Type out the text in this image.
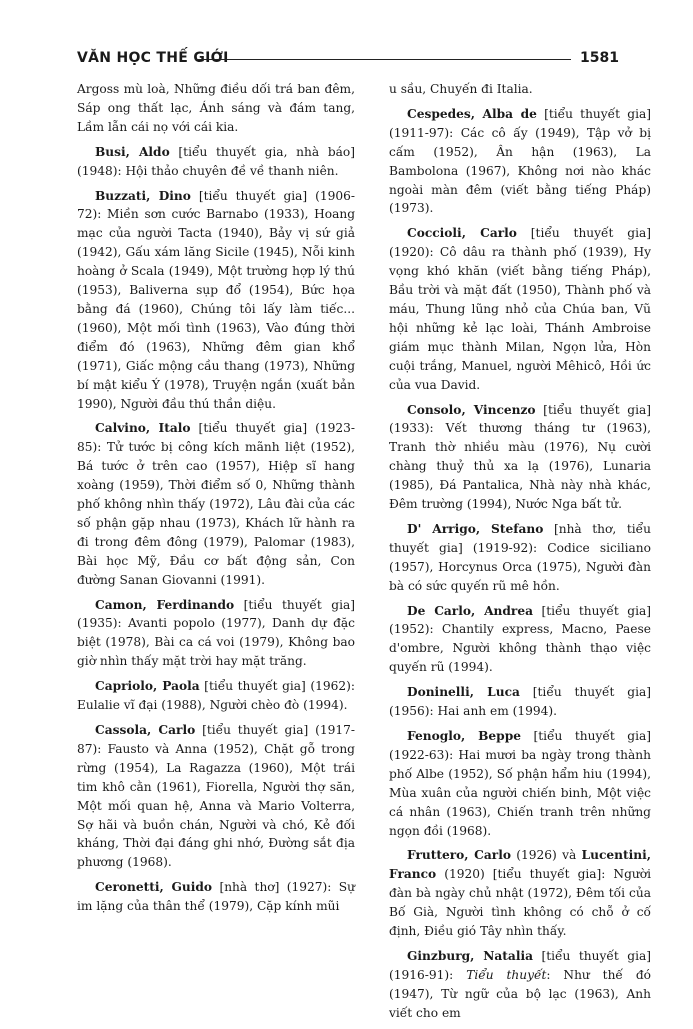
VĂN HỌC THẾ GIỚI	1581

Argoss mù loà, Những điều dối trá ban đêm, Sáp ong thất lạc, Ánh sáng và đám tang, Lầm lẫn cái nọ với cái kia.

Busi, Aldo [tiểu thuyết gia, nhà báo] (1948): Hội thảo chuyên đề về thanh niên.

Buzzati, Dino [tiểu thuyết gia] (1906-72): Miền sơn cước Barnabo (1933), Hoang mạc của người Tacta (1940), Bảy vị sứ giả (1942), Gấu xám lăng Sicile (1945), Nỗi kinh hoàng ở Scala (1949), Một trường hợp lý thú (1953), Baliverna sụp đổ (1954), Bức họa bằng đá (1960), Chúng tôi lấy làm tiếc... (1960), Một mối tình (1963), Vào đúng thời điểm đó (1963), Những đêm gian khổ (1971), Giấc mộng cầu thang (1973), Những bí mật kiểu Ý (1978), Truyện ngắn (xuất bản 1990), Người đầu thú thần diệu.

Calvino, Italo [tiểu thuyết gia] (1923-85): Tử tước bị công kích mãnh liệt (1952), Bá tước ở trên cao (1957), Hiệp sĩ hang xoàng (1959), Thời điểm số 0, Những thành phố không nhìn thấy (1972), Lâu đài của các số phận gặp nhau (1973), Khách lữ hành ra đi trong đêm đông (1979), Palomar (1983), Bài học Mỹ, Đầu cơ bất động sản, Con đường Sanan Giovanni (1991).

Camon, Ferdinando [tiểu thuyết gia] (1935): Avanti popolo (1977), Danh dự đặc biệt (1978), Bài ca cá voi (1979), Không bao giờ nhìn thấy mặt trời hay mặt trăng.

Capriolo, Paola [tiểu thuyết gia] (1962): Eulalie vĩ đại (1988), Người chèo đò (1994).

Cassola, Carlo [tiểu thuyết gia] (1917-87): Fausto và Anna (1952), Chặt gỗ trong rừng (1954), La Ragazza (1960), Một trái tim khô cằn (1961), Fiorella, Người thợ săn, Một mối quan hệ, Anna và Mario Volterra, Sợ hãi và buồn chán, Người và chó, Kẻ đối kháng, Thời đại đáng ghi nhớ, Đường sắt địa phương (1968).

Ceronetti, Guido [nhà thơ] (1927): Sự im lặng của thân thể (1979), Cặp kính mũi

u sầu, Chuyến đi Italia.

Cespedes, Alba de [tiểu thuyết gia] (1911-97): Các cô ấy (1949), Tập vở bị cấm (1952), Ân hận (1963), La Bambolona (1967), Không nơi nào khác ngoài màn đêm (viết bằng tiếng Pháp) (1973).

Coccioli, Carlo [tiểu thuyết gia] (1920): Cô dâu ra thành phố (1939), Hy vọng khó khăn (viết bằng tiếng Pháp), Bầu trời và mặt đất (1950), Thành phố và máu, Thung lũng nhỏ của Chúa ban, Vũ hội những kẻ lạc loài, Thánh Ambroise giám mục thành Milan, Ngọn lửa, Hòn cuội trắng, Manuel, người Mêhicô, Hồi ức của vua David.

Consolo, Vincenzo [tiểu thuyết gia] (1933): Vết thương tháng tư (1963), Tranh thờ nhiều màu (1976), Nụ cười chàng thuỷ thủ xa lạ (1976), Lunaria (1985), Đá Pantalica, Nhà này nhà khác, Đêm trường (1994), Nước Nga bất tử.

D' Arrigo, Stefano [nhà thơ, tiểu thuyết gia] (1919-92): Codice siciliano (1957), Horcynus Orca (1975), Người đàn bà có sức quyến rũ mê hồn.

De Carlo, Andrea [tiểu thuyết gia] (1952): Chantily express, Macno, Paese d'ombre, Người không thành thạo việc quyến rũ (1994).

Doninelli, Luca [tiểu thuyết gia] (1956): Hai anh em (1994).

Fenoglo, Beppe [tiểu thuyết gia] (1922-63): Hai mươi ba ngày trong thành phố Albe (1952), Số phận hẩm hiu (1994), Mùa xuân của người chiến binh, Một việc cá nhân (1963), Chiến tranh trên những ngọn đồi (1968).

Fruttero, Carlo (1926) và Lucentini, Franco (1920) [tiểu thuyết gia]: Người đàn bà ngày chủ nhật (1972), Đêm tối của Bố Già, Người tình không có chỗ ở cố định, Điều gió Tây nhìn thấy.

Ginzburg, Natalia [tiểu thuyết gia] (1916-91): Tiểu thuyết: Như thế đó (1947), Từ ngữ của bộ lạc (1963), Anh viết cho em
